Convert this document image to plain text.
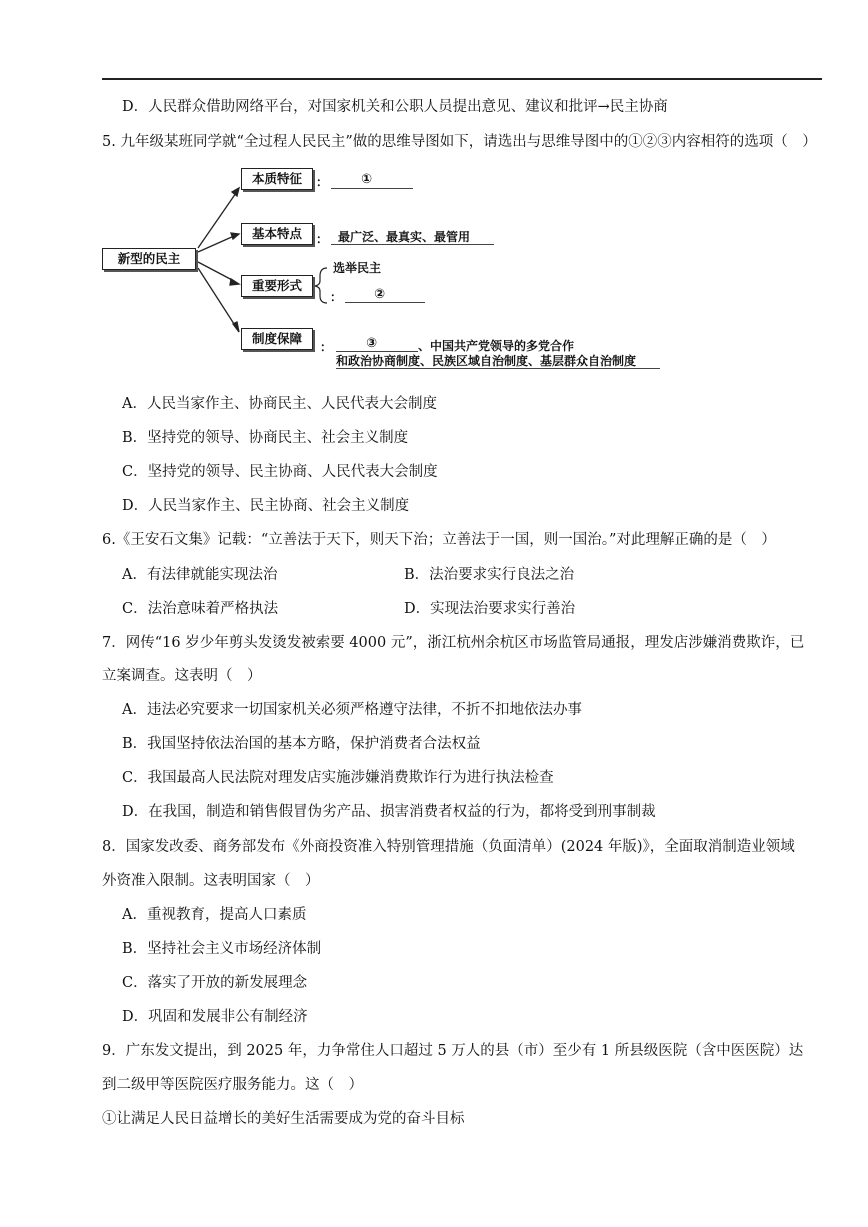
D．人民群众借助网络平台，对国家机关和公职人员提出意见、建议和批评→民主协商
5. 九年级某班同学就“全过程人民民主”做的思维导图如下，请选出与思维导图中的①②③内容相符的选项（　）
新型的民主
本质特征
基本特点
重要形式
制度保障
：	①
： 最广泛、最真实、最管用
选举民主
： ②
：	③	、中国共产党领导的多党合作
和政治协商制度、民族区域自治制度、基层群众自治制度
A．人民当家作主、协商民主、人民代表大会制度
B．坚持党的领导、协商民主、社会主义制度
C．坚持党的领导、民主协商、人民代表大会制度
D．人民当家作主、民主协商、社会主义制度
6.《王安石文集》记载：“立善法于天下，则天下治；立善法于一国，则一国治。”对此理解正确的是（　）
A．有法律就能实现法治	B．法治要求实行良法之治
C．法治意味着严格执法	D．实现法治要求实行善治
7．网传“16 岁少年剪头发烫发被索要 4000 元”，浙江杭州余杭区市场监管局通报，理发店涉嫌消费欺诈，已
立案调查。这表明（　）
A．违法必究要求一切国家机关必须严格遵守法律，不折不扣地依法办事
B．我国坚持依法治国的基本方略，保护消费者合法权益
C．我国最高人民法院对理发店实施涉嫌消费欺诈行为进行执法检查
D．在我国，制造和销售假冒伪劣产品、损害消费者权益的行为，都将受到刑事制裁
8．国家发改委、商务部发布《外商投资准入特别管理措施（负面清单）(2024 年版)》，全面取消制造业领域
外资准入限制。这表明国家（　）
A．重视教育，提高人口素质
B．坚持社会主义市场经济体制
C．落实了开放的新发展理念
D．巩固和发展非公有制经济
9．广东发文提出，到 2025 年，力争常住人口超过 5 万人的县（市）至少有 1 所县级医院（含中医医院）达
到二级甲等医院医疗服务能力。这（　）
①让满足人民日益增长的美好生活需要成为党的奋斗目标
